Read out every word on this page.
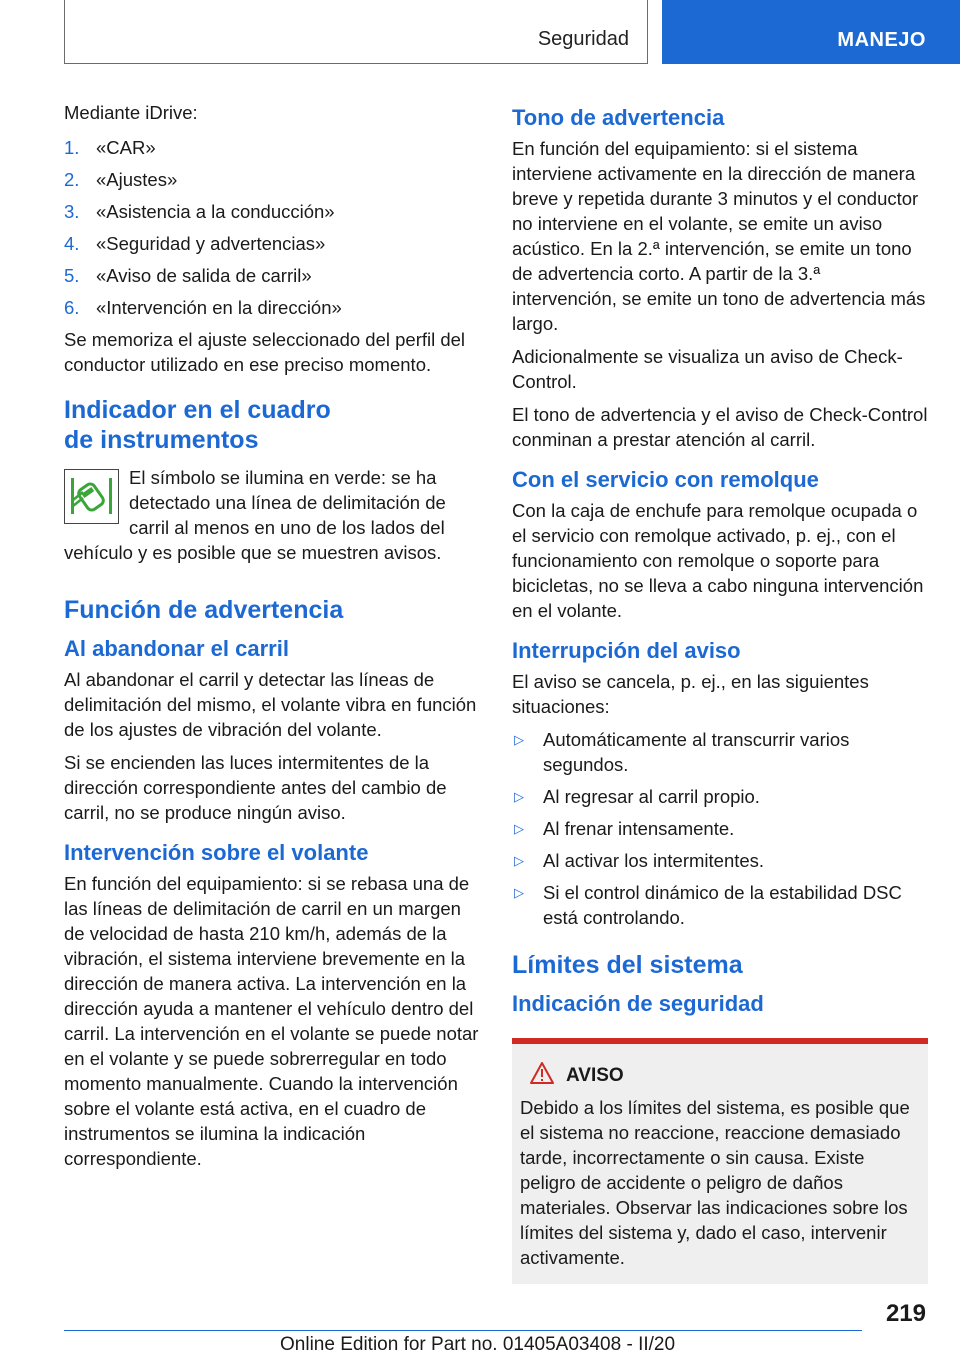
Seguridad	MANEJO

Mediante iDrive:

1. «CAR»
2. «Ajustes»
3. «Asistencia a la conducción»
4. «Seguridad y advertencias»
5. «Aviso de salida de carril»
6. «Intervención en la dirección»

Se memoriza el ajuste seleccionado del perfil del conductor utilizado en ese preciso momento.

Indicador en el cuadro de instrumentos

El símbolo se ilumina en verde: se ha detectado una línea de delimitación de carril al menos en uno de los lados del vehículo y es posible que se muestren avisos.

Función de advertencia
Al abandonar el carril

Al abandonar el carril y detectar las líneas de delimitación del mismo, el volante vibra en función de los ajustes de vibración del volante.

Si se encienden las luces intermitentes de la dirección correspondiente antes del cambio de carril, no se produce ningún aviso.

Intervención sobre el volante

En función del equipamiento: si se rebasa una de las líneas de delimitación de carril en un margen de velocidad de hasta 210 km/h, además de la vibración, el sistema interviene brevemente en la dirección de manera activa. La intervención en la dirección ayuda a mantener el vehículo dentro del carril. La intervención en el volante se puede notar en el volante y se puede sobrerregular en todo momento manualmente. Cuando la intervención sobre el volante está activa, en el cuadro de instrumentos se ilumina la indicación correspondiente.

Tono de advertencia

En función del equipamiento: si el sistema interviene activamente en la dirección de manera breve y repetida durante 3 minutos y el conductor no interviene en el volante, se emite un aviso acústico. En la 2.ª intervención, se emite un tono de advertencia corto. A partir de la 3.ª intervención, se emite un tono de advertencia más largo.

Adicionalmente se visualiza un aviso de Check-Control.

El tono de advertencia y el aviso de Check-Control conminan a prestar atención al carril.

Con el servicio con remolque

Con la caja de enchufe para remolque ocupada o el servicio con remolque activado, p. ej., con el funcionamiento con remolque o soporte para bicicletas, no se lleva a cabo ninguna intervención en el volante.

Interrupción del aviso

El aviso se cancela, p. ej., en las siguientes situaciones:

▷	Automáticamente al transcurrir varios segundos.
▷	Al regresar al carril propio.
▷	Al frenar intensamente.
▷	Al activar los intermitentes.
▷	Si el control dinámico de la estabilidad DSC está controlando.
Límites del sistema
Indicación de seguridad
AVISO

Debido a los límites del sistema, es posible que el sistema no reaccione, reaccione demasiado tarde, incorrectamente o sin causa. Existe peligro de accidente o peligro de daños materiales. Observar las indicaciones sobre los límites del sistema y, dado el caso, intervenir activamente.

219
Online Edition for Part no. 01405A03408 - II/20
